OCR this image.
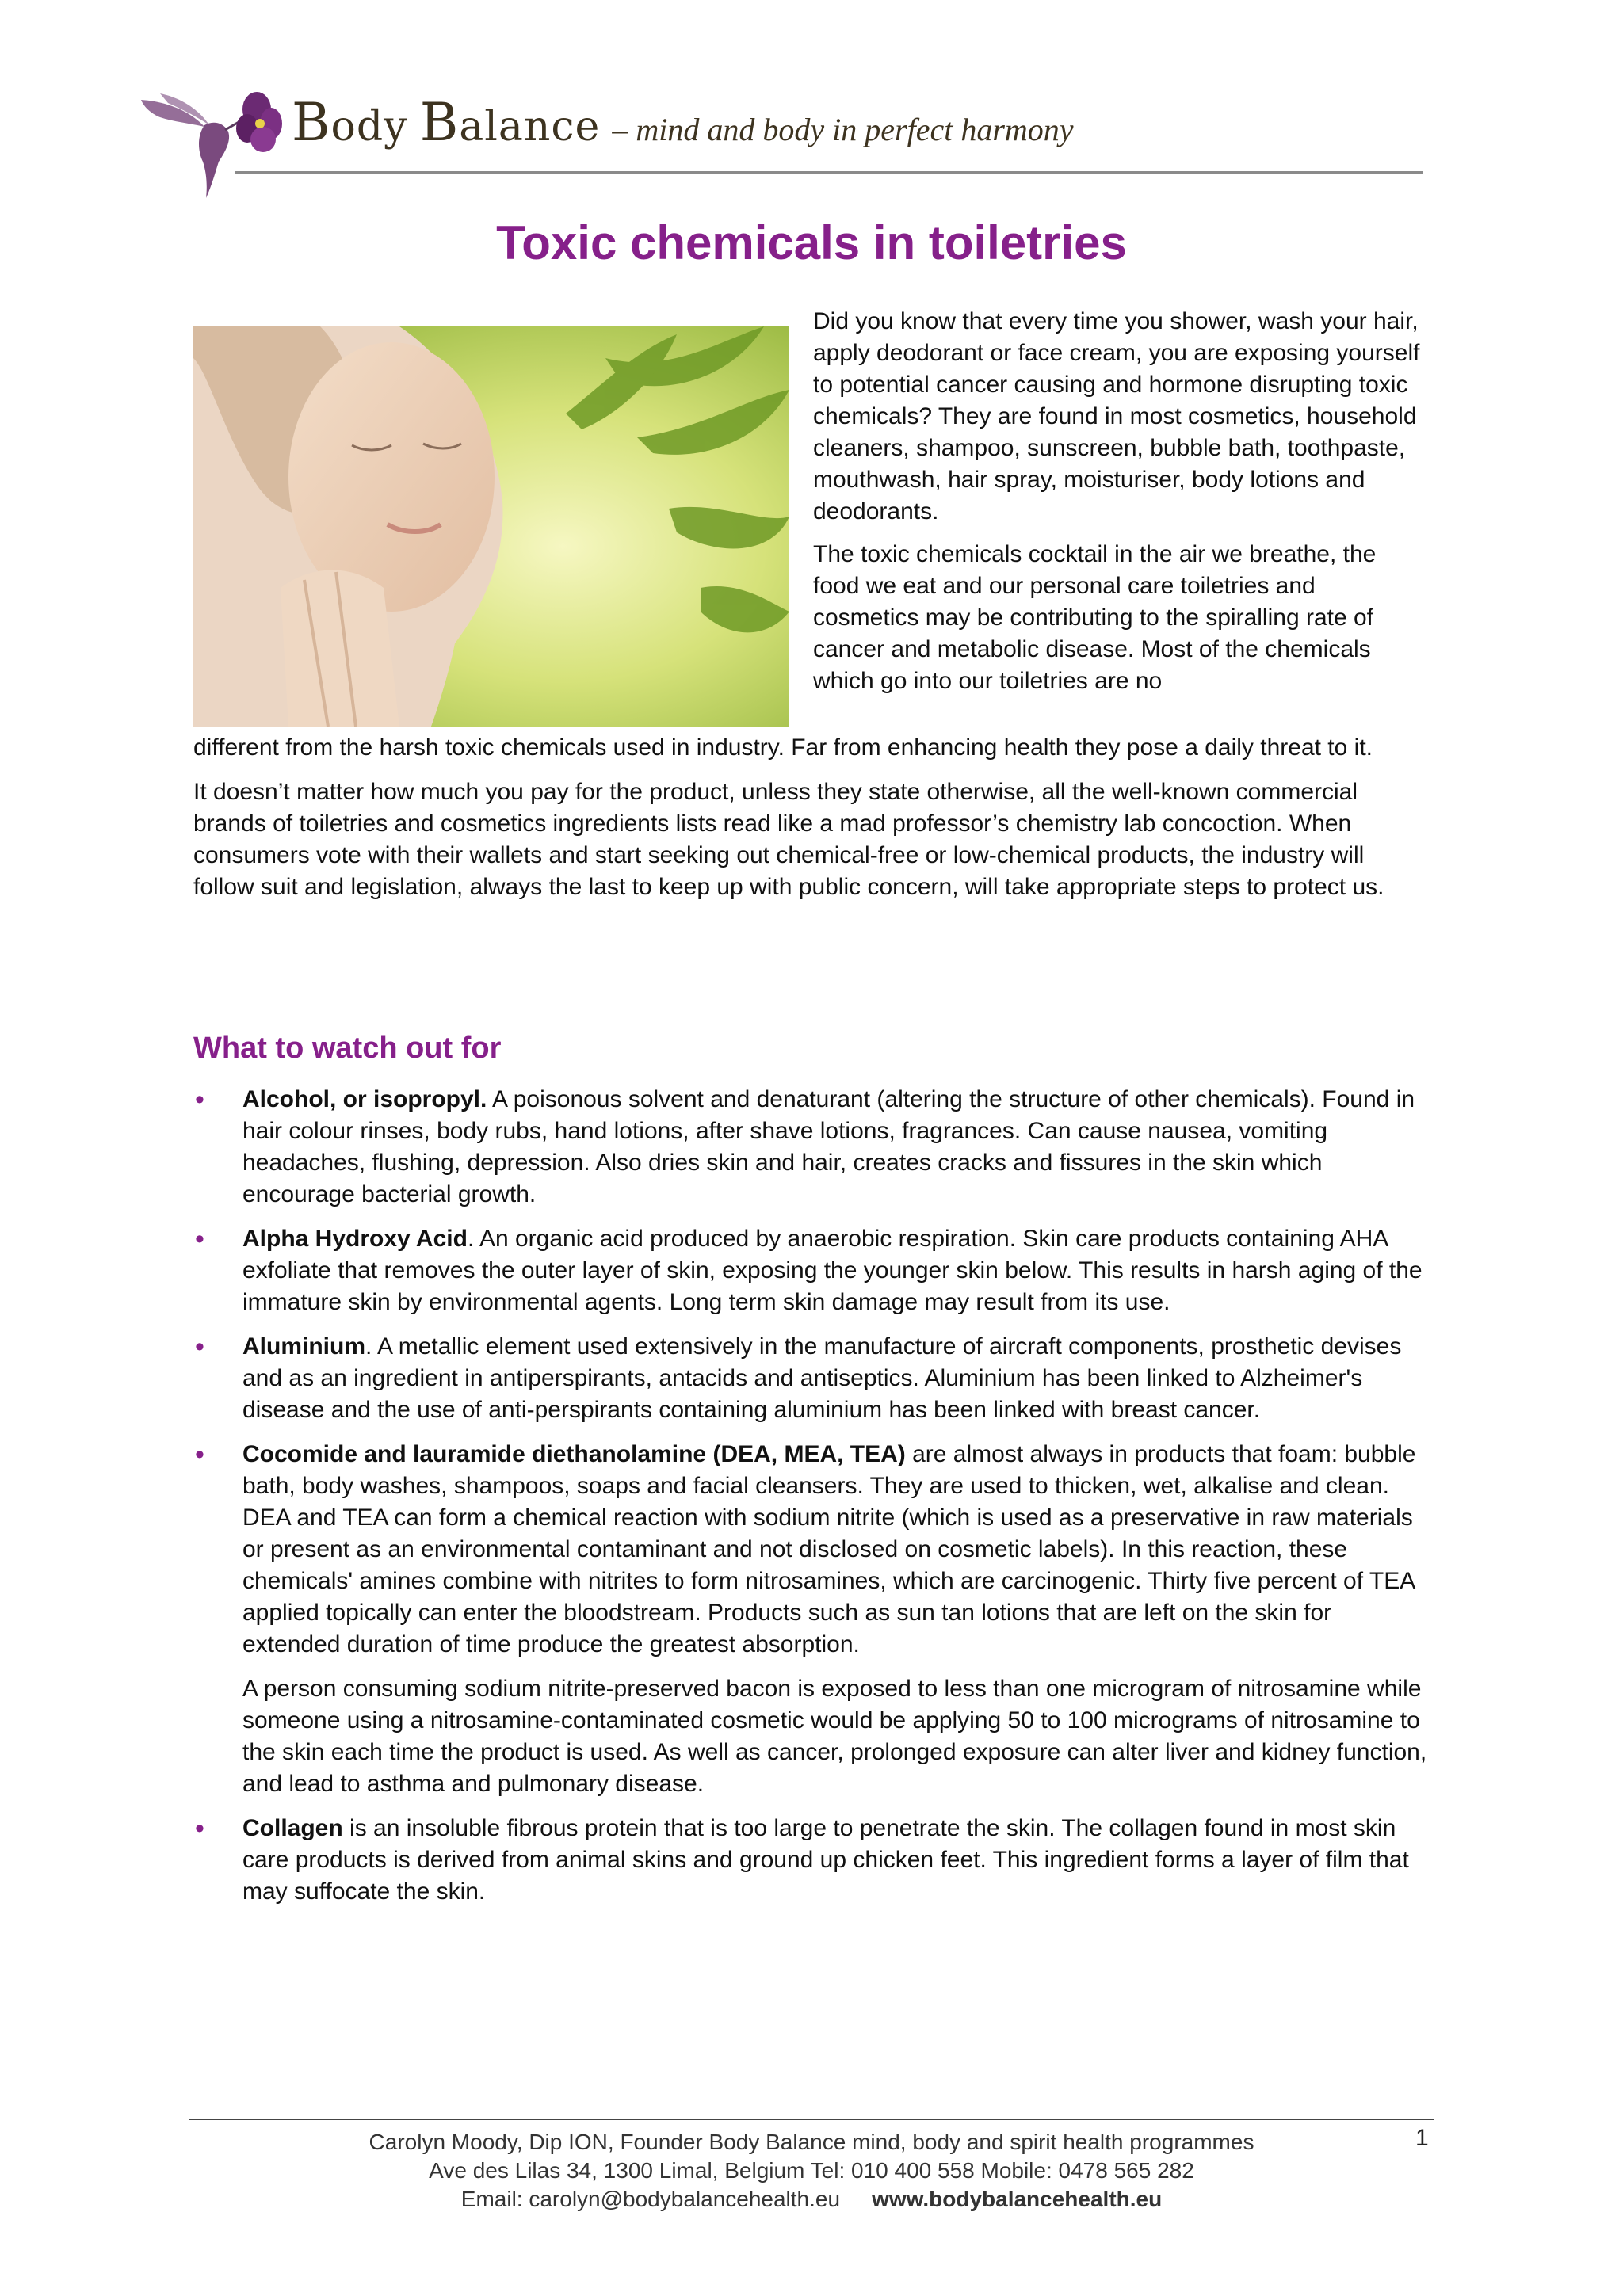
Body Balance – mind and body in perfect harmony
Toxic chemicals in toiletries

Did you know that every time you shower, wash your hair, apply deodorant or face cream, you are exposing yourself to potential cancer causing and hormone disrupting toxic chemicals? They are found in most cosmetics, household cleaners, shampoo, sunscreen, bubble bath, toothpaste, mouthwash, hair spray, moisturiser, body lotions and deodorants.

The toxic chemicals cocktail in the air we breathe, the food we eat and our personal care toiletries and cosmetics may be contributing to the spiralling rate of cancer and metabolic disease. Most of the chemicals which go into our toiletries are no

different from the harsh toxic chemicals used in industry. Far from enhancing health they pose a daily threat to it.

It doesn’t matter how much you pay for the product, unless they state otherwise, all the well-known commercial brands of toiletries and cosmetics ingredients lists read like a mad professor’s chemistry lab concoction. When consumers vote with their wallets and start seeking out chemical-free or low-chemical products, the industry will follow suit and legislation, always the last to keep up with public concern, will take appropriate steps to protect us.

What to watch out for
• Alcohol, or isopropyl. A poisonous solvent and denaturant (altering the structure of other chemicals). Found in hair colour rinses, body rubs, hand lotions, after shave lotions, fragrances. Can cause nausea, vomiting headaches, flushing, depression. Also dries skin and hair, creates cracks and fissures in the skin which encourage bacterial growth.

• Alpha Hydroxy Acid. An organic acid produced by anaerobic respiration. Skin care products containing AHA exfoliate that removes the outer layer of skin, exposing the younger skin below. This results in harsh aging of the immature skin by environmental agents. Long term skin damage may result from its use.

• Aluminium. A metallic element used extensively in the manufacture of aircraft components, prosthetic devises and as an ingredient in antiperspirants, antacids and antiseptics. Aluminium has been linked to Alzheimer's disease and the use of anti-perspirants containing aluminium has been linked with breast cancer.

• Cocomide and lauramide diethanolamine (DEA, MEA, TEA) are almost always in products that foam: bubble bath, body washes, shampoos, soaps and facial cleansers. They are used to thicken, wet, alkalise and clean. DEA and TEA can form a chemical reaction with sodium nitrite (which is used as a preservative in raw materials or present as an environmental contaminant and not disclosed on cosmetic labels). In this reaction, these chemicals' amines combine with nitrites to form nitrosamines, which are carcinogenic. Thirty five percent of TEA applied topically can enter the bloodstream. Products such as sun tan lotions that are left on the skin for extended duration of time produce the greatest absorption.

A person consuming sodium nitrite-preserved bacon is exposed to less than one microgram of nitrosamine while someone using a nitrosamine-contaminated cosmetic would be applying 50 to 100 micrograms of nitrosamine to the skin each time the product is used. As well as cancer, prolonged exposure can alter liver and kidney function, and lead to asthma and pulmonary disease.

• Collagen is an insoluble fibrous protein that is too large to penetrate the skin. The collagen found in most skin care products is derived from animal skins and ground up chicken feet. This ingredient forms a layer of film that may suffocate the skin.

1
Carolyn Moody, Dip ION, Founder Body Balance mind, body and spirit health programmes
Ave des Lilas 34, 1300 Limal, Belgium Tel: 010 400 558 Mobile: 0478 565 282
Email: carolyn@bodybalancehealth.eu www.bodybalancehealth.eu
